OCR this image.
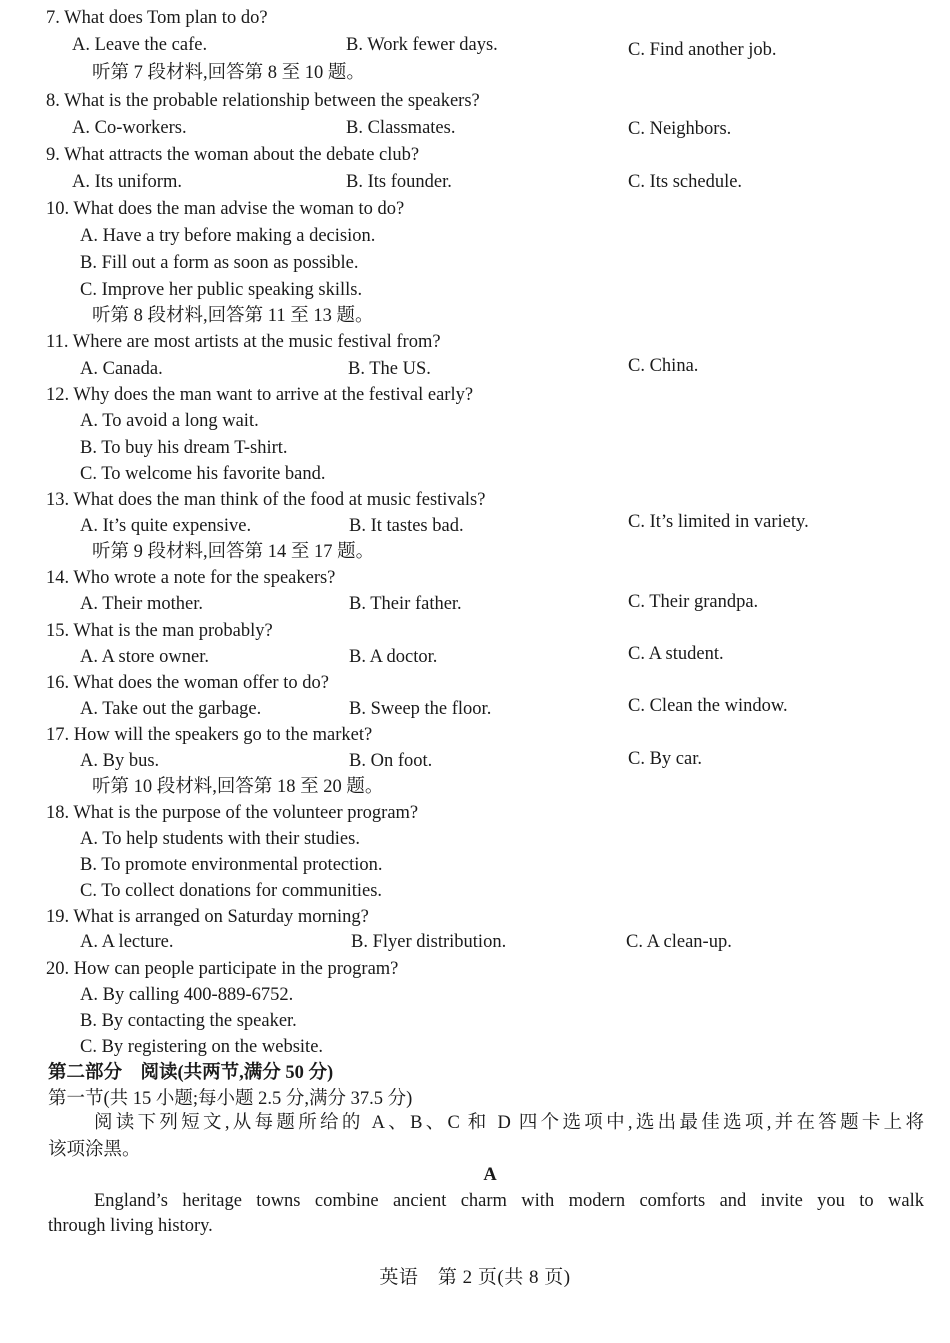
7. What does Tom plan to do?
A. Leave the cafe.	B. Work fewer days.	C. Find another job.
听第 7 段材料,回答第 8 至 10 题。
8. What is the probable relationship between the speakers?
A. Co-workers.	B. Classmates.	C. Neighbors.
9. What attracts the woman about the debate club?
A. Its uniform.	B. Its founder.	C. Its schedule.
10. What does the man advise the woman to do?
A. Have a try before making a decision.
B. Fill out a form as soon as possible.
C. Improve her public speaking skills.
听第 8 段材料,回答第 11 至 13 题。
11. Where are most artists at the music festival from?
A. Canada.	B. The US.	C. China.
12. Why does the man want to arrive at the festival early?
A. To avoid a long wait.
B. To buy his dream T-shirt.
C. To welcome his favorite band.
13. What does the man think of the food at music festivals?
A. It’s quite expensive.	B. It tastes bad.	C. It’s limited in variety.
听第 9 段材料,回答第 14 至 17 题。
14. Who wrote a note for the speakers?
A. Their mother.	B. Their father.	C. Their grandpa.
15. What is the man probably?
A. A store owner.	B. A doctor.	C. A student.
16. What does the woman offer to do?
A. Take out the garbage.	B. Sweep the floor.	C. Clean the window.
17. How will the speakers go to the market?
A. By bus.	B. On foot.	C. By car.
听第 10 段材料,回答第 18 至 20 题。
18. What is the purpose of the volunteer program?
A. To help students with their studies.
B. To promote environmental protection.
C. To collect donations for communities.
19. What is arranged on Saturday morning?
A. A lecture.	B. Flyer distribution.	C. A clean-up.
20. How can people participate in the program?
A. By calling 400-889-6752.
B. By contacting the speaker.
C. By registering on the website.
第二部分　阅读(共两节,满分 50 分)
第一节(共 15 小题;每小题 2.5 分,满分 37.5 分)
阅读下列短文,从每题所给的 A、B、C 和 D 四个选项中,选出最佳选项,并在答题卡上将
该项涂黑。
A
England’s heritage towns combine ancient charm with modern comforts and invite you to walk
through living history.
英语　第 2 页(共 8 页)
